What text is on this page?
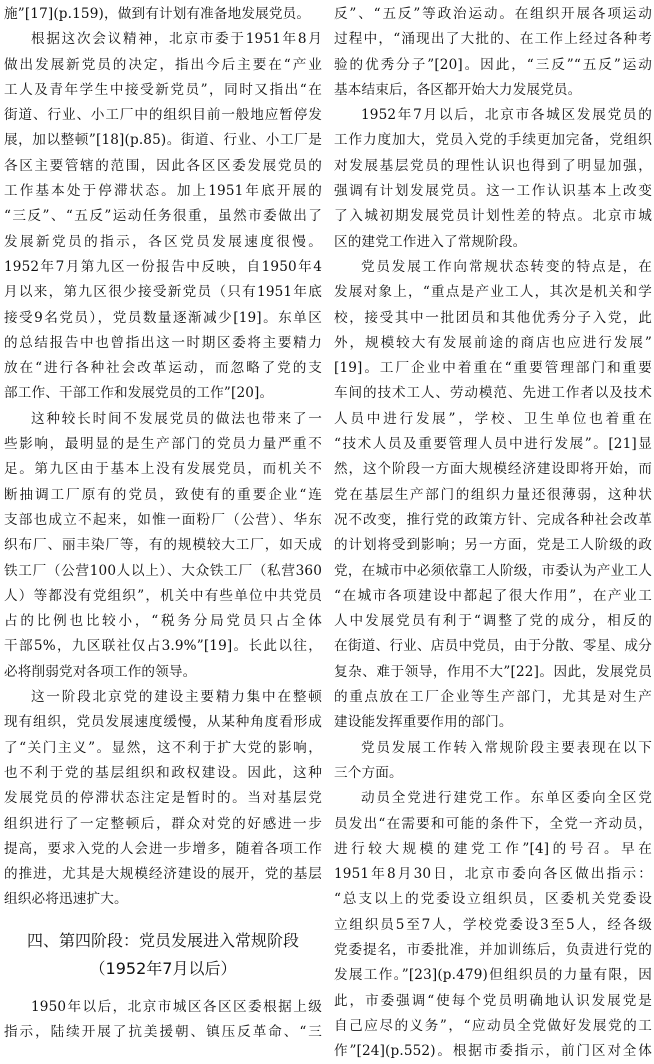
施”[17](p.159)，做到有计划有准备地发展党员。
根据这次会议精神，北京市委于1951年8月
做出发展新党员的决定，指出今后主要在“产业
工人及青年学生中接受新党员”，同时又指出“在
街道、行业、小工厂中的组织目前一般地应暂停发
展，加以整顿”[18](p.85)。街道、行业、小工厂是
各区主要管辖的范围，因此各区区委发展党员的
工作基本处于停滞状态。加上1951年底开展的
“三反”、“五反”运动任务很重，虽然市委做出了
发展新党员的指示，各区党员发展速度很慢。
1952年7月第九区一份报告中反映，自1950年4
月以来，第九区很少接受新党员（只有1951年底
接受9名党员），党员数量逐渐减少[19]。东单区
的总结报告中也曾指出这一时期区委将主要精力
放在“进行各种社会改革运动，而忽略了党的支
部工作、干部工作和发展党员的工作”[20]。
这种较长时间不发展党员的做法也带来了一
些影响，最明显的是生产部门的党员力量严重不
足。第九区由于基本上没有发展党员，而机关不
断抽调工厂原有的党员，致使有的重要企业“连
支部也成立不起来，如惟一面粉厂（公营）、华东
织布厂、丽丰染厂等，有的规模较大工厂，如天成
铁工厂（公营100人以上）、大众铁工厂（私营360
人）等都没有党组织”，机关中有些单位中共党员
占的比例也比较小，“税务分局党员只占全体
干部5%，九区联社仅占3.9%”[19]。长此以往，
必将削弱党对各项工作的领导。
这一阶段北京党的建设主要精力集中在整顿
现有组织，党员发展速度缓慢，从某种角度看形成
了“关门主义”。显然，这不利于扩大党的影响，
也不利于党的基层组织和政权建设。因此，这种
发展党员的停滞状态注定是暂时的。当对基层党
组织进行了一定整顿后，群众对党的好感进一步
提高，要求入党的人会进一步增多，随着各项工作
的推进，尤其是大规模经济建设的展开，党的基层
组织必将迅速扩大。
四、第四阶段：党员发展进入常规阶段
（1952年7月以后）
1950年以后，北京市城区各区区委根据上级
指示，陆续开展了抗美援朝、镇压反革命、“三
反”、“五反”等政治运动。在组织开展各项运动
过程中，“涌现出了大批的、在工作上经过各种考
验的优秀分子”[20]。因此，“三反”“五反”运动
基本结束后，各区都开始大力发展党员。
1952年7月以后，北京市各城区发展党员的
工作力度加大，党员入党的手续更加完备，党组织
对发展基层党员的理性认识也得到了明显加强，
强调有计划发展党员。这一工作认识基本上改变
了入城初期发展党员计划性差的特点。北京市城
区的建党工作进入了常规阶段。
党员发展工作向常规状态转变的特点是，在
发展对象上，“重点是产业工人，其次是机关和学
校，接受其中一批团员和其他优秀分子入党，此
外，规模较大有发展前途的商店也应进行发展”
[19]。工厂企业中着重在“重要管理部门和重要
车间的技术工人、劳动模范、先进工作者以及技术
人员中进行发展”，学校、卫生单位也着重在
“技术人员及重要管理人员中进行发展”。[21]显
然，这个阶段一方面大规模经济建设即将开始，而
党在基层生产部门的组织力量还很薄弱，这种状
况不改变，推行党的政策方针、完成各种社会改革
的计划将受到影响；另一方面，党是工人阶级的政
党，在城市中必须依靠工人阶级，市委认为产业工人
“在城市各项建设中都起了很大作用”，在产业工
人中发展党员有利于“调整了党的成分，相反的
在街道、行业、店员中党员，由于分散、零星、成分
复杂、难于领导，作用不大”[22]。因此，发展党员
的重点放在工厂企业等生产部门，尤其是对生产
建设能发挥重要作用的部门。
党员发展工作转入常规阶段主要表现在以下
三个方面。
动员全党进行建党工作。东单区委向全区党
员发出“在需要和可能的条件下，全党一齐动员，
进行较大规模的建党工作”[4]的号召。早在
1951年8月30日，北京市委向各区做出指示：
“总支以上的党委设立组织员，区委机关党委设
立组织员5至7人，学校党委设3至5人，经各级
党委提名，市委批准，并加训练后，负责进行党的
发展工作。”[23](p.479)但组织员的力量有限，因
此，市委强调“使每个党员明确地认识发展党是
自己应尽的义务”，“应动员全党做好发展党的工
作”[24](p.552)。根据市委指示，前门区对全体
